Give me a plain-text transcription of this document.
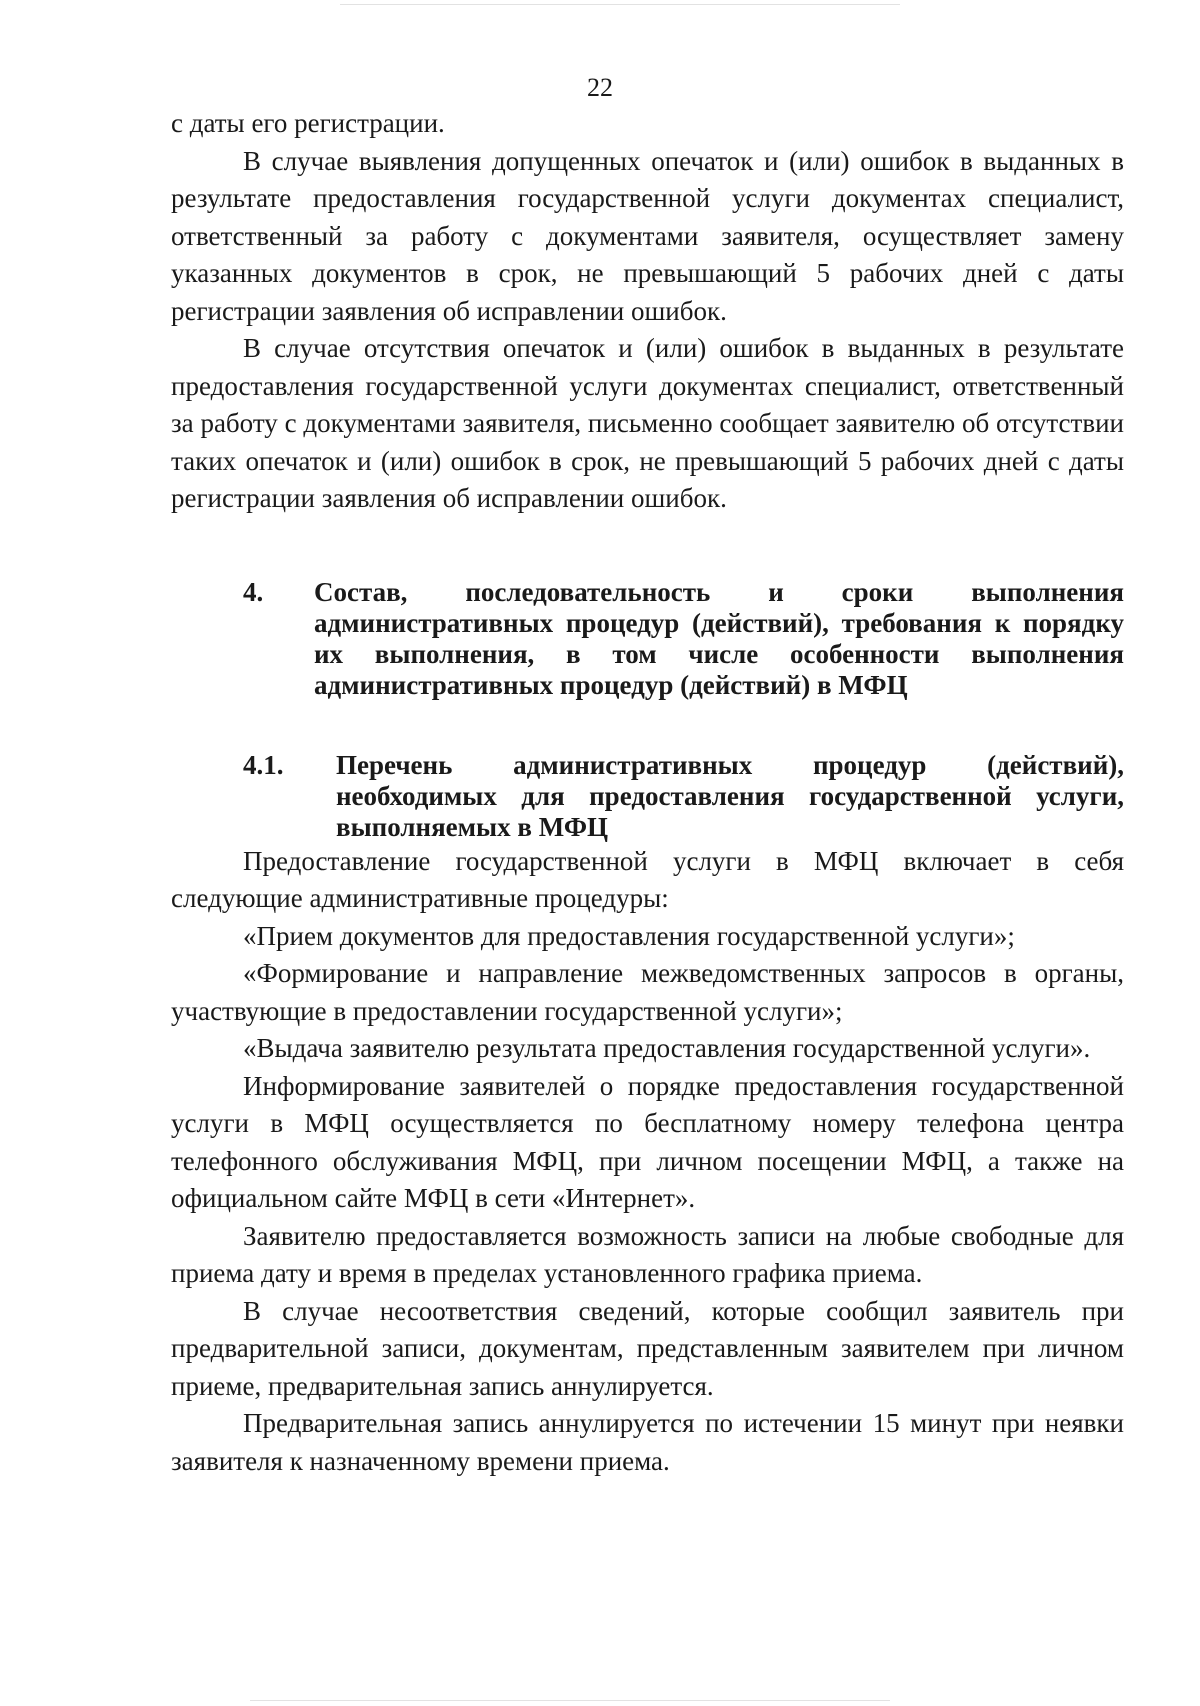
22

с даты его регистрации.

В случае выявления допущенных опечаток и (или) ошибок в выданных в результате предоставления государственной услуги документах специалист, ответственный за работу с документами заявителя, осуществляет замену указанных документов в срок, не превышающий 5 рабочих дней с даты регистрации заявления об исправлении ошибок.

В случае отсутствия опечаток и (или) ошибок в выданных в результате предоставления государственной услуги документах специалист, ответственный за работу с документами заявителя, письменно сообщает заявителю об отсутствии таких опечаток и (или) ошибок в срок, не превышающий 5 рабочих дней с даты регистрации заявления об исправлении ошибок.

4. Состав, последовательность и сроки выполнения административных процедур (действий), требования к порядку их выполнения, в том числе особенности выполнения административных процедур (действий) в МФЦ
4.1. Перечень административных процедур (действий), необходимых для предоставления государственной услуги, выполняемых в МФЦ

Предоставление государственной услуги в МФЦ включает в себя следующие административные процедуры:

«Прием документов для предоставления государственной услуги»;

«Формирование и направление межведомственных запросов в органы, участвующие в предоставлении государственной услуги»;

«Выдача заявителю результата предоставления государственной услуги».

Информирование заявителей о порядке предоставления государственной услуги в МФЦ осуществляется по бесплатному номеру телефона центра телефонного обслуживания МФЦ, при личном посещении МФЦ, а также на официальном сайте МФЦ в сети «Интернет».

Заявителю предоставляется возможность записи на любые свободные для приема дату и время в пределах установленного графика приема.

В случае несоответствия сведений, которые сообщил заявитель при предварительной записи, документам, представленным заявителем при личном приеме, предварительная запись аннулируется.

Предварительная запись аннулируется по истечении 15 минут при неявки заявителя к назначенному времени приема.
